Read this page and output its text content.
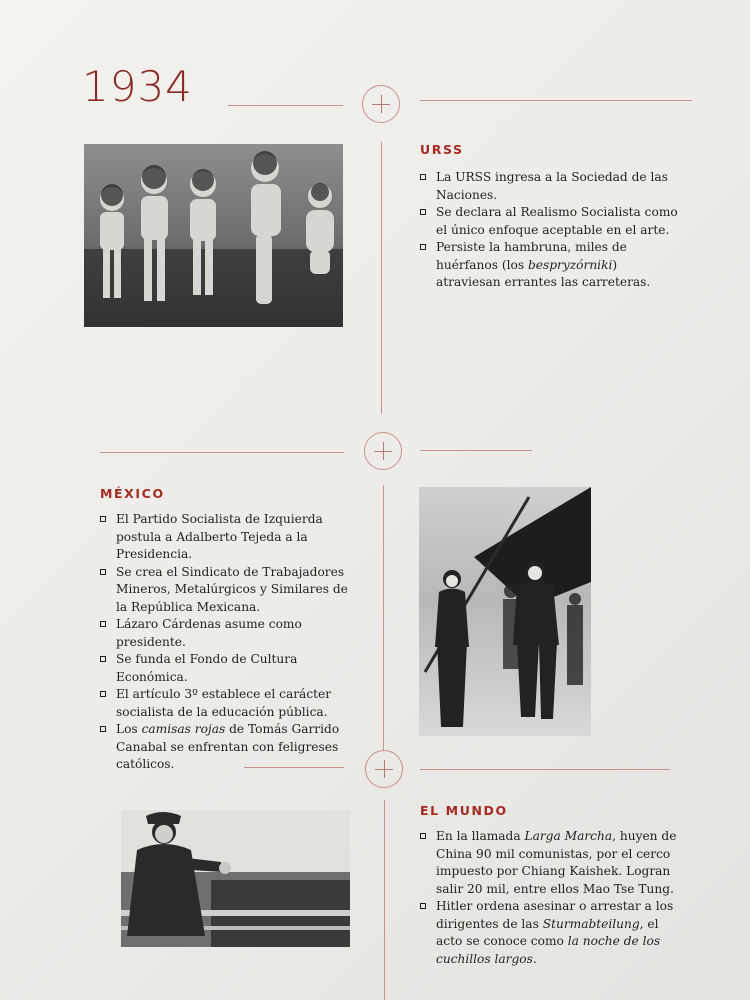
1934
URSS
La URSS ingresa a la Sociedad de las Naciones.
Se declara al Realismo Socialista como el único enfoque aceptable en el arte.
Persiste la hambruna, miles de huérfanos (los bespryzórniki) atraviesan errantes las carreteras.
MÉXICO
El Partido Socialista de Izquierda postula a Adalberto Tejeda a la Presidencia.
Se crea el Sindicato de Trabajadores Mineros, Metalúrgicos y Similares de la República Mexicana.
Lázaro Cárdenas asume como presidente.
Se funda el Fondo de Cultura Económica.
El artículo 3º establece el carácter socialista de la educación pública.
Los camisas rojas de Tomás Garrido Canabal se enfrentan con feligreses católicos.
EL MUNDO
En la llamada Larga Marcha, huyen de China 90 mil comunistas, por el cerco impuesto por Chiang Kaishek. Logran salir 20 mil, entre ellos Mao Tse Tung.
Hitler ordena asesinar o arrestar a los dirigentes de las Sturmabteilung, el acto se conoce como la noche de los cuchillos largos.
